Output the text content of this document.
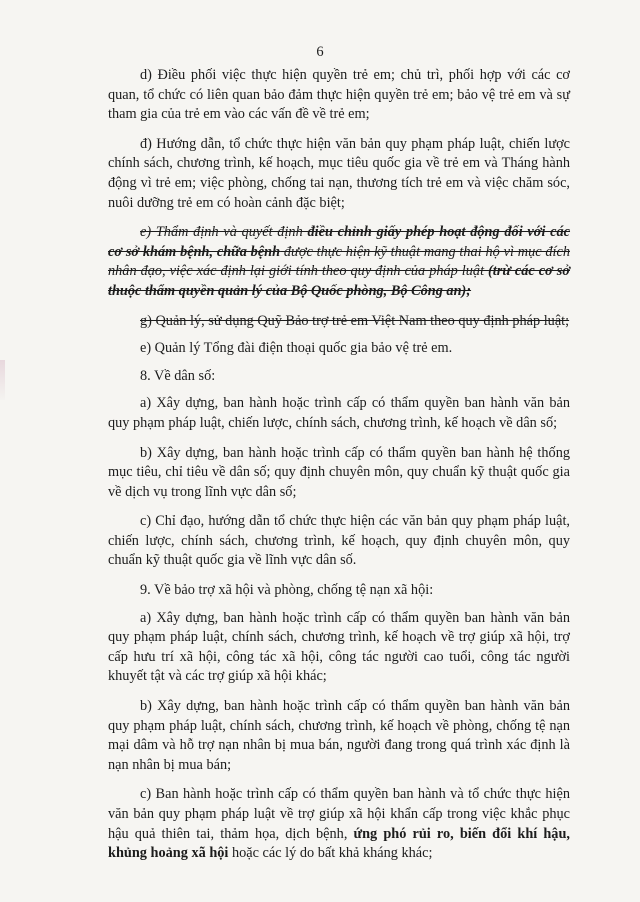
6

d) Điều phối việc thực hiện quyền trẻ em; chủ trì, phối hợp với các cơ quan, tổ chức có liên quan bảo đảm thực hiện quyền trẻ em; bảo vệ trẻ em và sự tham gia của trẻ em vào các vấn đề về trẻ em;

đ) Hướng dẫn, tổ chức thực hiện văn bản quy phạm pháp luật, chiến lược chính sách, chương trình, kế hoạch, mục tiêu quốc gia về trẻ em và Tháng hành động vì trẻ em; việc phòng, chống tai nạn, thương tích trẻ em và việc chăm sóc, nuôi dưỡng trẻ em có hoàn cảnh đặc biệt;

e) Thẩm định và quyết định điều chỉnh giấy phép hoạt động đối với các cơ sở khám bệnh, chữa bệnh được thực hiện kỹ thuật mang thai hộ vì mục đích nhân đạo, việc xác định lại giới tính theo quy định của pháp luật (trừ các cơ sở thuộc thẩm quyền quản lý của Bộ Quốc phòng, Bộ Công an);

g) Quản lý, sử dụng Quỹ Bảo trợ trẻ em Việt Nam theo quy định pháp luật;

e) Quản lý Tổng đài điện thoại quốc gia bảo vệ trẻ em.

8. Về dân số:

a) Xây dựng, ban hành hoặc trình cấp có thẩm quyền ban hành văn bản quy phạm pháp luật, chiến lược, chính sách, chương trình, kế hoạch về dân số;

b) Xây dựng, ban hành hoặc trình cấp có thẩm quyền ban hành hệ thống mục tiêu, chỉ tiêu về dân số; quy định chuyên môn, quy chuẩn kỹ thuật quốc gia về dịch vụ trong lĩnh vực dân số;

c) Chỉ đạo, hướng dẫn tổ chức thực hiện các văn bản quy phạm pháp luật, chiến lược, chính sách, chương trình, kế hoạch, quy định chuyên môn, quy chuẩn kỹ thuật quốc gia về lĩnh vực dân số.

9. Về bảo trợ xã hội và phòng, chống tệ nạn xã hội:

a) Xây dựng, ban hành hoặc trình cấp có thẩm quyền ban hành văn bản quy phạm pháp luật, chính sách, chương trình, kế hoạch về trợ giúp xã hội, trợ cấp hưu trí xã hội, công tác xã hội, công tác người cao tuổi, công tác người khuyết tật và các trợ giúp xã hội khác;

b) Xây dựng, ban hành hoặc trình cấp có thẩm quyền ban hành văn bản quy phạm pháp luật, chính sách, chương trình, kế hoạch về phòng, chống tệ nạn mại dâm và hỗ trợ nạn nhân bị mua bán, người đang trong quá trình xác định là nạn nhân bị mua bán;

c) Ban hành hoặc trình cấp có thẩm quyền ban hành và tổ chức thực hiện văn bản quy phạm pháp luật về trợ giúp xã hội khẩn cấp trong việc khắc phục hậu quả thiên tai, thảm họa, dịch bệnh, ứng phó rủi ro, biến đổi khí hậu, khủng hoảng xã hội hoặc các lý do bất khả kháng khác;
